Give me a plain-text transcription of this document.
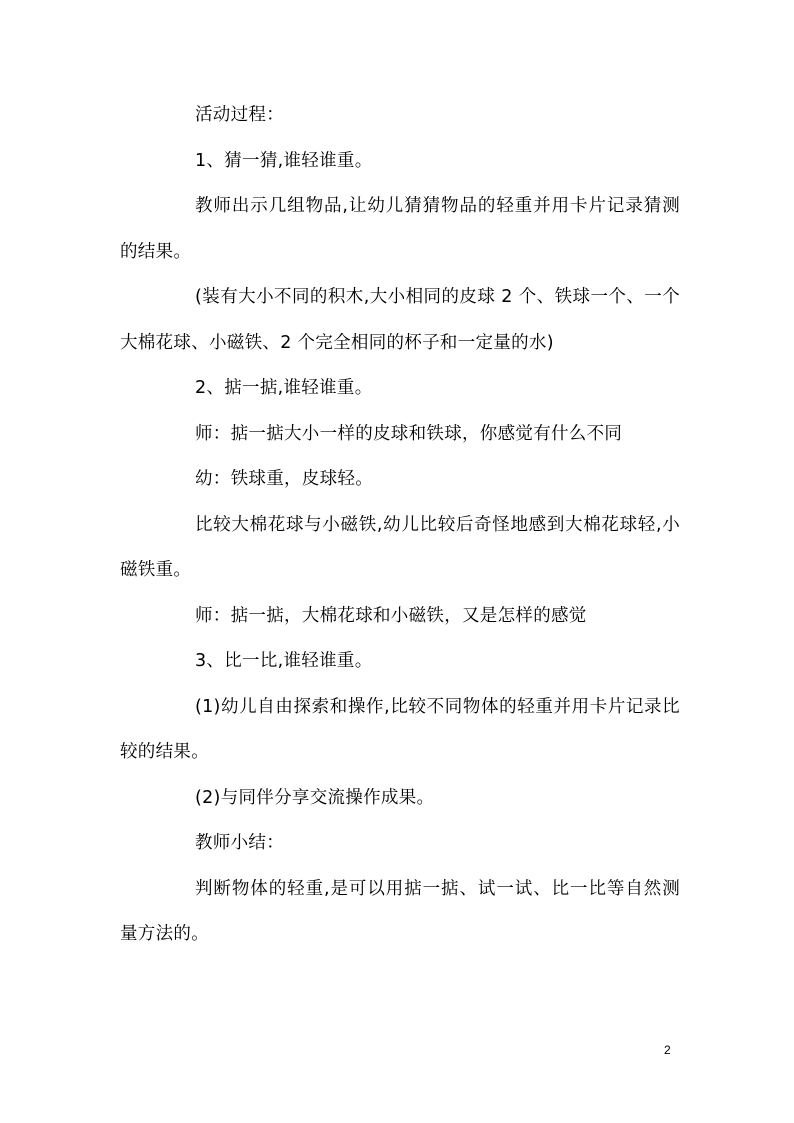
活动过程：

1、猜一猜,谁轻谁重。

教师出示几组物品,让幼儿猜猜物品的轻重并用卡片记录猜测的结果。

(装有大小不同的积木,大小相同的皮球 2 个、铁球一个、一个大棉花球、小磁铁、2 个完全相同的杯子和一定量的水)

2、掂一掂,谁轻谁重。

师：掂一掂大小一样的皮球和铁球，你感觉有什么不同

幼：铁球重，皮球轻。

比较大棉花球与小磁铁,幼儿比较后奇怪地感到大棉花球轻,小磁铁重。

师：掂一掂，大棉花球和小磁铁，又是怎样的感觉

3、比一比,谁轻谁重。

(1)幼儿自由探索和操作,比较不同物体的轻重并用卡片记录比较的结果。

(2)与同伴分享交流操作成果。

教师小结：

判断物体的轻重,是可以用掂一掂、试一试、比一比等自然测量方法的。

2
